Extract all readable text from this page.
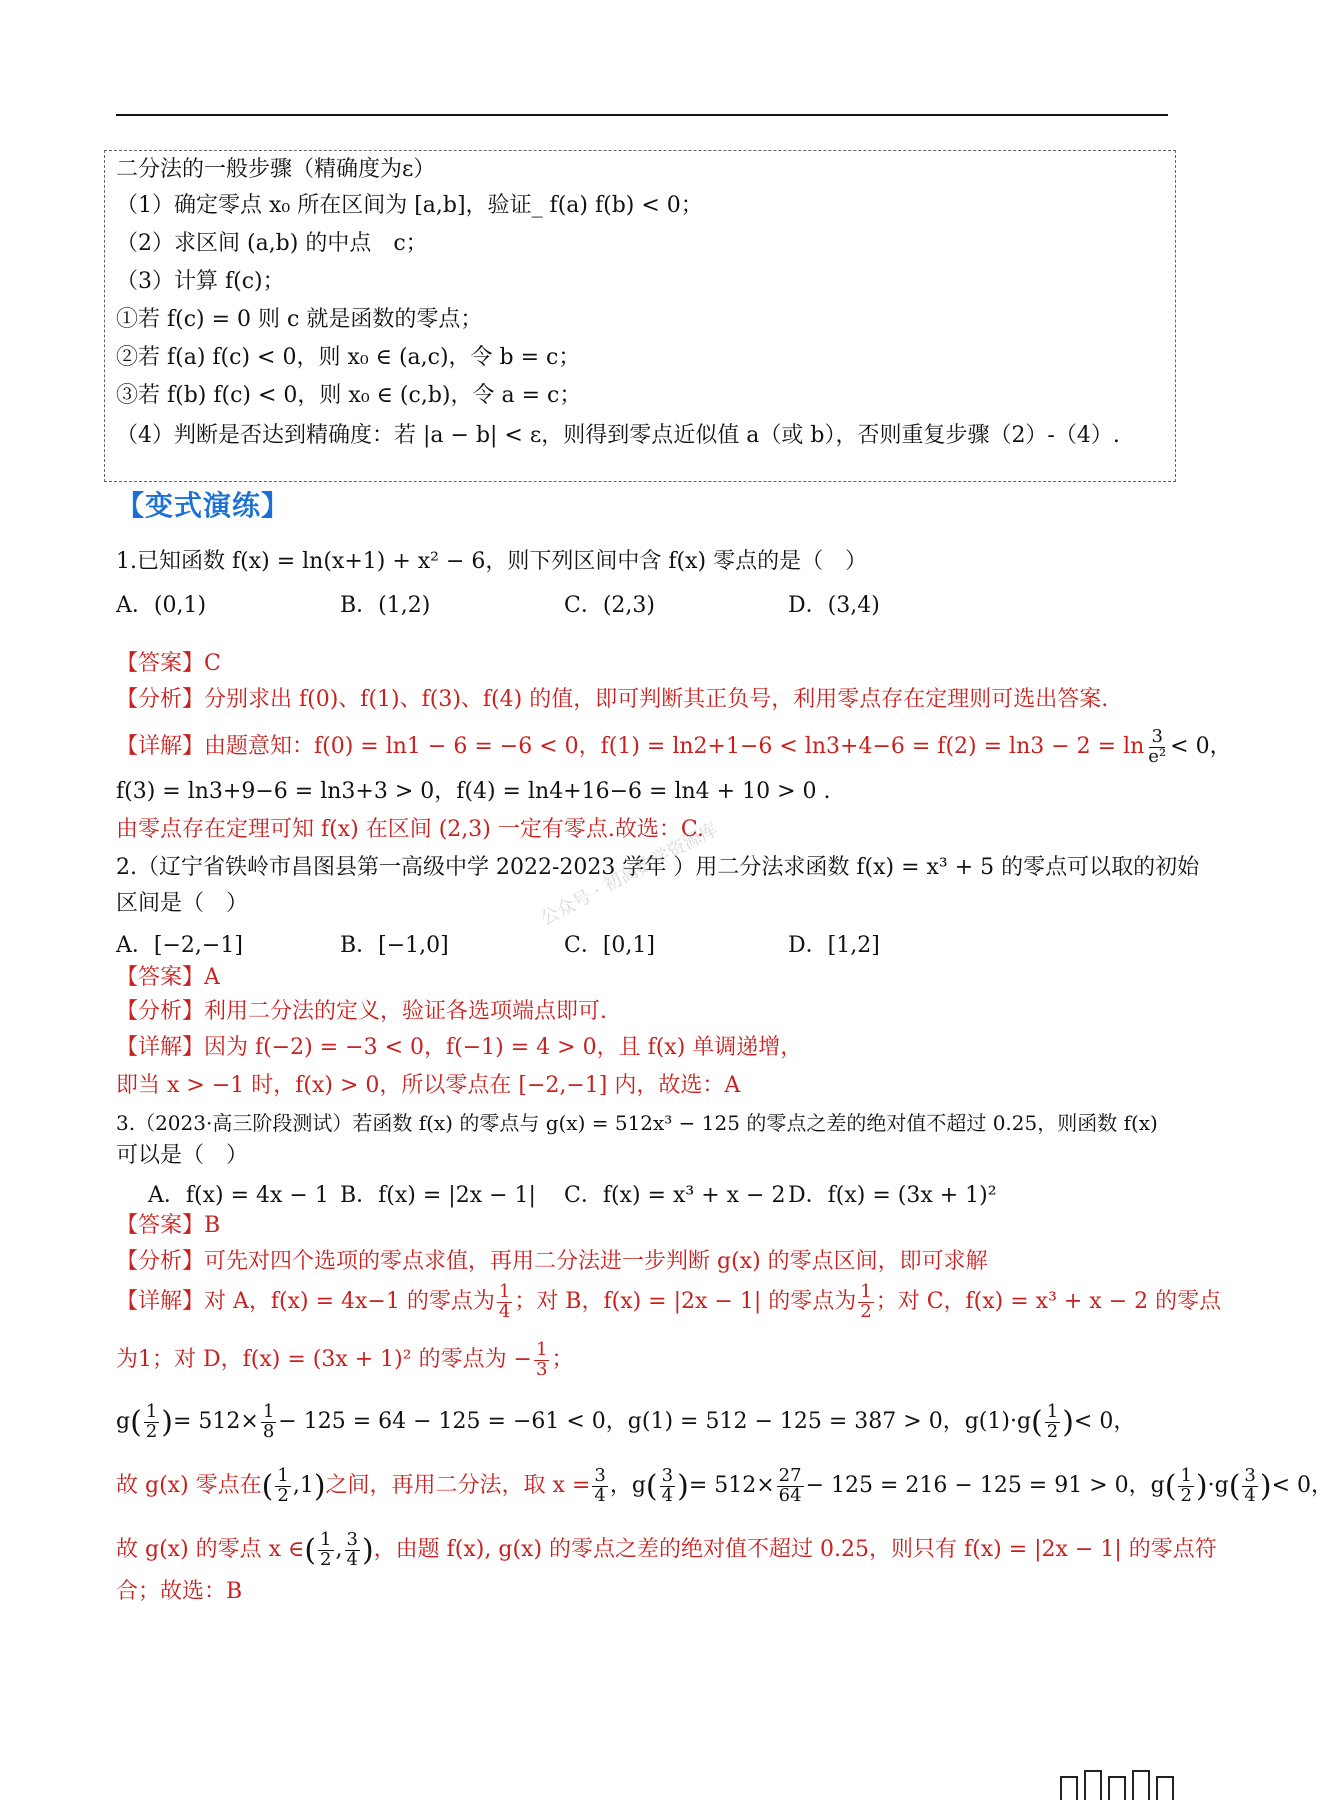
公众号 · 初高数学资源库
二分法的一般步骤（精确度为ε）
（1）确定零点 x₀ 所在区间为 [a,b]，验证_ f(a) f(b) < 0；
（2）求区间 (a,b) 的中点　c；
（3）计算 f(c)；
①若 f(c) = 0 则 c 就是函数的零点；
②若 f(a) f(c) < 0，则 x₀ ∈ (a,c)，令 b = c；
③若 f(b) f(c) < 0，则 x₀ ∈ (c,b)，令 a = c；
（4）判断是否达到精确度：若 |a − b| < ε，则得到零点近似值 a（或 b），否则重复步骤（2）-（4）.
【变式演练】
1.已知函数 f(x) = ln(x+1) + x² − 6，则下列区间中含 f(x) 零点的是（　）
A．(0,1)	B．(1,2)	C．(2,3)	D．(3,4)
【答案】C
【分析】分别求出 f(0)、f(1)、f(3)、f(4) 的值，即可判断其正负号，利用零点存在定理则可选出答案.
【详解】由题意知：f(0) = ln1 − 6 = −6 < 0，$f(1) = \ln 2+1-6 < \ln 3+4-6 = f(2) = \ln 3 - 2 = \ln \frac{3}{\text{e²}} < 0$，
f(3) = ln3+9−6 = ln3+3 > 0，f(4) = ln4+16−6 = ln4 + 10 > 0 .
由零点存在定理可知 f(x) 在区间 (2,3) 一定有零点.故选：C.
2.（辽宁省铁岭市昌图县第一高级中学 2022-2023 学年 ）用二分法求函数 f(x) = x³ + 5 的零点可以取的初始
区间是（　）
A．[−2,−1]	B．[−1,0]	C．[0,1]	D．[1,2]
【答案】A
【分析】利用二分法的定义，验证各选项端点即可.
【详解】因为 f(−2) = −3 < 0，f(−1) = 4 > 0，且 f(x) 单调递增，
即当 x > −1 时，f(x) > 0，所以零点在 [−2,−1] 内，故选：A
3.（2023·高三阶段测试）若函数 f(x) 的零点与 g(x) = 512x³ − 125 的零点之差的绝对值不超过 0.25，则函数 f(x)
可以是（　）
A．f(x) = 4x − 1 B．f(x) = |2x − 1| C．f(x) = x³ + x − 2 D．f(x) = (3x + 1)²
【答案】B
【分析】可先对四个选项的零点求值，再用二分法进一步判断 g(x) 的零点区间，即可求解
【详解】对 A，f(x) = 4x−1 的零点为 $\frac{1}{4}$ ；对 B，f(x) = |2x − 1| 的零点为 $\frac{1}{2}$ ；对 C，f(x) = x³ + x − 2 的零点
为1；对 D，f(x) = (3x + 1)² 的零点为 − $\frac{1}{3}$ ；
g ( $\frac{1}{2}$ ) = $512\times \frac{1}{8} - 125 = 64 - 125 = -61 < 0$，g(1) = 512 − 125 = 387 > 0，g(1)·g ( $\frac{1}{2}$ ) < 0，
故 g(x) 零点在 ( $\frac{1}{2} ,1$ ) 之间，再用二分法，取 $x = \frac{3}{4}$ ，g ( $\frac{3}{4}$ ) = $512\times \frac{27}{64} - 125 = 216 - 125 = 91 > 0$，g ( $\frac{1}{2}$ ) ·g ( $\frac{3}{4}$ ) < 0，
故 g(x) 的零点 x ∈ ( $\frac{1}{2}$ , $\frac{3}{4}$ ) ，由题 f(x), g(x) 的零点之差的绝对值不超过 0.25，则只有 f(x) = |2x − 1| 的零点符
合；故选：B
